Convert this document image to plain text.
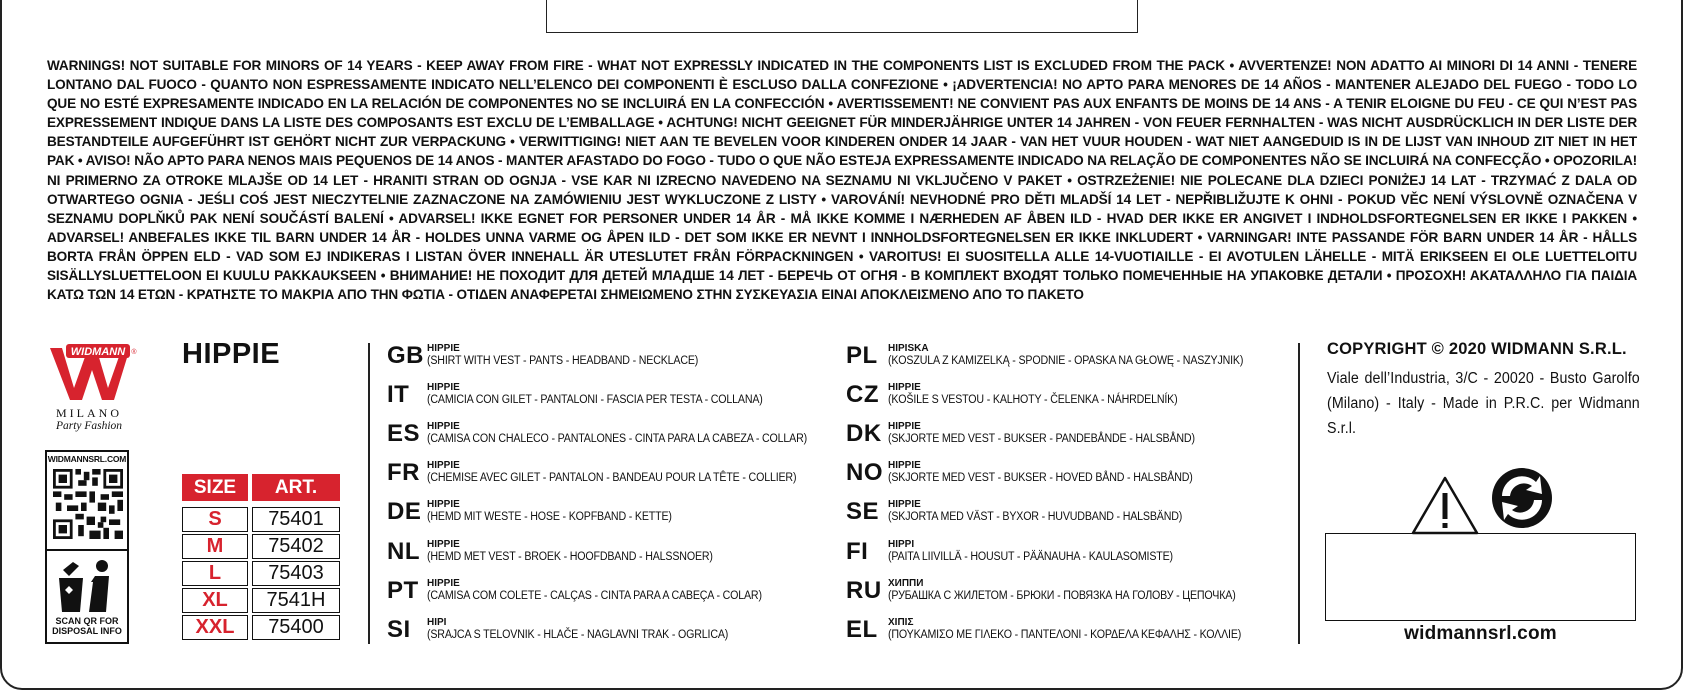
WARNINGS! NOT SUITABLE FOR MINORS OF 14 YEARS - KEEP AWAY FROM FIRE - WHAT NOT EXPRESSLY INDICATED IN THE COMPONENTS LIST IS EXCLUDED FROM THE PACK • AVVERTENZE! NON ADATTO AI MINORI DI 14 ANNI - TENERE LONTANO DAL FUOCO - QUANTO NON ESPRESSAMENTE INDICATO NELL’ELENCO DEI COMPONENTI È ESCLUSO DALLA CONFEZIONE • ¡ADVERTENCIA! NO APTO PARA MENORES DE 14 AÑOS - MANTENER ALEJADO DEL FUEGO - TODO LO QUE NO ESTÉ EXPRESAMENTE INDICADO EN LA RELACIÓN DE COMPONENTES NO SE INCLUIRÁ EN LA CONFECCIÓN • AVERTISSEMENT! NE CONVIENT PAS AUX ENFANTS DE MOINS DE 14 ANS - A TENIR ELOIGNE DU FEU - CE QUI N’EST PAS EXPRESSEMENT INDIQUE DANS LA LISTE DES COMPOSANTS EST EXCLU DE L’EMBALLAGE • ACHTUNG! NICHT GEEIGNET FÜR MINDERJÄHRIGE UNTER 14 JAHREN - VON FEUER FERNHALTEN - WAS NICHT AUSDRÜCKLICH IN DER LISTE DER BESTANDTEILE AUFGEFÜHRT IST GEHÖRT NICHT ZUR VERPACKUNG • VERWITTIGING! NIET AAN TE BEVELEN VOOR KINDEREN ONDER 14 JAAR - VAN HET VUUR HOUDEN - WAT NIET AANGEDUID IS IN DE LIJST VAN INHOUD ZIT NIET IN HET PAK • AVISO! NÃO APTO PARA NENOS MAIS PEQUENOS DE 14 ANOS - MANTER AFASTADO DO FOGO - TUDO O QUE NÃO ESTEJA EXPRESSAMENTE INDICADO NA RELAÇÃO DE COMPONENTES NÃO SE INCLUIRÁ NA CONFECÇÃO • OPOZORILA! NI PRIMERNO ZA OTROKE MLAJŠE OD 14 LET - HRANITI STRAN OD OGNJA - VSE KAR NI IZRECNO NAVEDENO NA SEZNAMU NI VKLJUČENO V PAKET • OSTRZEŻENIE! NIE POLECANE DLA DZIECI PONIŻEJ 14 LAT - TRZYMAĆ Z DALA OD OTWARTEGO OGNIA - JEŚLI COŚ JEST NIECZYTELNIE ZAZNACZONE NA ZAMÓWIENIU JEST WYKLUCZONE Z LISTY • VAROVÁNÍ! NEVHODNÉ PRO DĚTI MLADŠÍ 14 LET - NEPŘIBLIŽUJTE K OHNI - POKUD VĚC NENÍ VÝSLOVNĚ OZNAČENA V SEZNAMU DOPLŇKŮ PAK NENÍ SOUČÁSTÍ BALENÍ • ADVARSEL! IKKE EGNET FOR PERSONER UNDER 14 ÅR - MÅ IKKE KOMME I NÆRHEDEN AF ÅBEN ILD - HVAD DER IKKE ER ANGIVET I INDHOLDSFORTEGNELSEN ER IKKE I PAKKEN • ADVARSEL! ANBEFALES IKKE TIL BARN UNDER 14 ÅR - HOLDES UNNA VARME OG ÅPEN ILD - DET SOM IKKE ER NEVNT I INNHOLDSFORTEGNELSEN ER IKKE INKLUDERT • VARNINGAR! INTE PASSANDE FÖR BARN UNDER 14 ÅR - HÅLLS BORTA FRÅN ÖPPEN ELD - VAD SOM EJ INDIKERAS I LISTAN ÖVER INNEHALL ÄR UTESLUTET FRÅN FÖRPACKNINGEN • VAROITUS! EI SUOSITELLA ALLE 14-VUOTIAILLE - EI AVOTULEN LÄHELLE - MITÄ ERIKSEEN EI OLE LUETTELOITU SISÄLLYSLUETTELOON EI KUULU PAKKAUKSEEN • ВНИМАНИЕ! НЕ ПОХОДИТ ДЛЯ ДЕТЕЙ МЛАДШЕ 14 ЛЕТ - БЕРЕЧЬ ОТ ОГНЯ - В КОМПЛЕКТ ВХОДЯТ ТОЛЬКО ПОМЕЧЕННЫЕ НА УПАКОВКЕ ДЕТАЛИ • ΠΡΟΣΟΧΗ! ΑΚΑΤΑΛΛΗΛΟ ΓΙΑ ΠΑΙΔΙΑ ΚΑΤΩ ΤΩΝ 14 ΕΤΩΝ - ΚΡΑΤΗΣΤΕ ΤΟ ΜΑΚΡΙΑ ΑΠΟ ΤΗΝ ΦΩΤΙΑ - ΟΤΙΔΕΝ ΑΝΑΦΕΡΕΤΑΙ ΣΗΜΕΙΩΜΕΝΟ ΣΤΗΝ ΣΥΣΚΕΥΑΣΙΑ ΕΙΝΑΙ ΑΠΟΚΛΕΙΣΜΕΝΟ ΑΠΟ ΤΟ ΠΑΚΕΤΟ
WIDMANN ®
MILANO
Party Fashion
WIDMANNSRL.COM
SCAN QR FOR
DISPOSAL INFO
HIPPIE
SIZE	ART.
S	75401
M	75402
L	75403
XL	7541H
XXL	75400
GB HIPPIE
(SHIRT WITH VEST - PANTS - HEADBAND - NECKLACE)
IT HIPPIE
(CAMICIA CON GILET - PANTALONI - FASCIA PER TESTA - COLLANA)
ES HIPPIE
(CAMISA CON CHALECO - PANTALONES - CINTA PARA LA CABEZA - COLLAR)
FR HIPPIE
(CHEMISE AVEC GILET - PANTALON - BANDEAU POUR LA TÊTE - COLLIER)
DE HIPPIE
(HEMD MIT WESTE - HOSE - KOPFBAND - KETTE)
NL HIPPIE
(HEMD MET VEST - BROEK - HOOFDBAND - HALSSNOER)
PT HIPPIE
(CAMISA COM COLETE - CALÇAS - CINTA PARA A CABEÇA - COLAR)
SI HIPI
(SRAJCA S TELOVNIK - HLAČE - NAGLAVNI TRAK - OGRLICA)
PL HIPISKA
(KOSZULA Z KAMIZELKĄ - SPODNIE - OPASKA NA GŁOWĘ - NASZYJNIK)
CZ HIPPIE
(KOŠILE S VESTOU - KALHOTY - ČELENKA - NÁHRDELNÍK)
DK HIPPIE
(SKJORTE MED VEST - BUKSER - PANDEBÅNDE - HALSBÅND)
NO HIPPIE
(SKJORTE MED VEST - BUKSER - HOVED BÅND - HALSBÅND)
SE HIPPIE
(SKJORTA MED VÄST - BYXOR - HUVUDBAND - HALSBÄND)
FI HIPPI
(PAITA LIIVILLÄ - HOUSUT - PÄÄNAUHA - KAULASOMISTE)
RU ХИППИ
(РУБАШКА С ЖИЛЕТОМ - БРЮКИ - ПОВЯЗКА НА ГОЛОВУ - ЦЕПОЧКА)
EL ΧΙΠΙΣ
(ΠΟΥΚΑΜΙΣΟ ΜΕ ΓΙΛΕΚΟ - ΠΑΝΤΕΛΟΝΙ - ΚΟΡΔΕΛΑ ΚΕΦΑΛΗΣ - ΚΟΛΛΙΕ)
COPYRIGHT © 2020 WIDMANN S.R.L.
Viale dell’Industria, 3/C - 20020 - Busto Garolfo (Milano) - Italy - Made in P.R.C. per Widmann S.r.l.
widmannsrl.com
